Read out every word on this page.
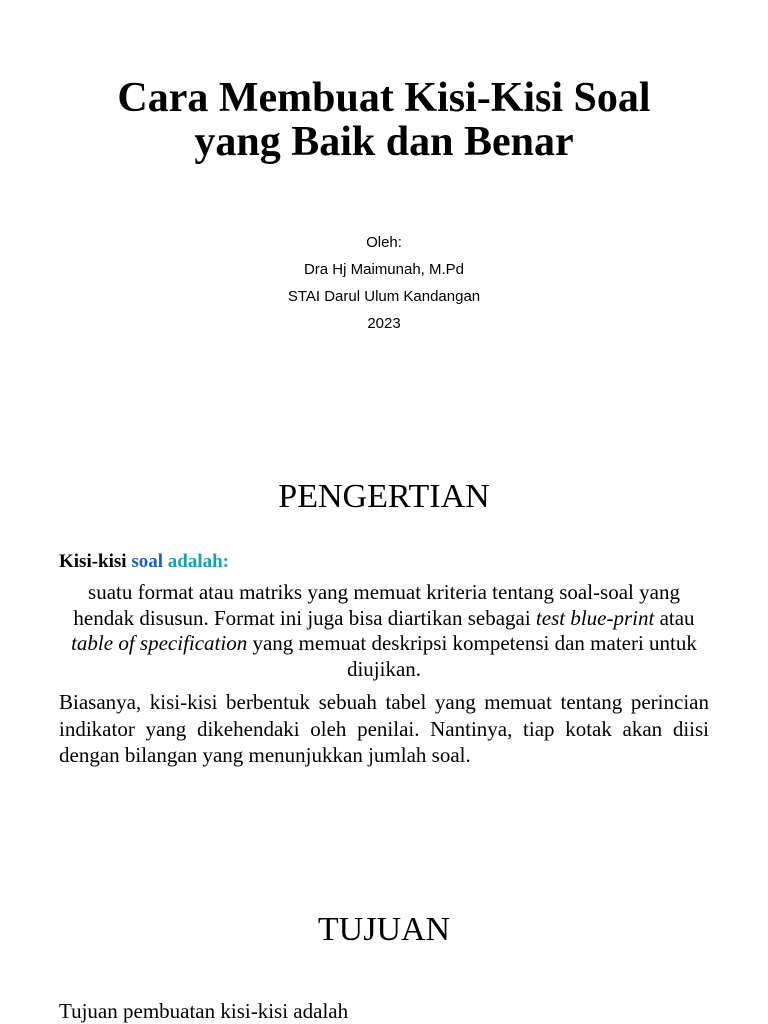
Cara Membuat Kisi-Kisi Soal
yang Baik dan Benar
Oleh:
Dra Hj Maimunah, M.Pd
STAI Darul Ulum Kandangan
2023
PENGERTIAN
Kisi-kisi soal adalah:
suatu format atau matriks yang memuat kriteria tentang soal-soal yang hendak disusun. Format ini juga bisa diartikan sebagai test blue-print atau table of specification yang memuat deskripsi kompetensi dan materi untuk diujikan.
Biasanya, kisi-kisi berbentuk sebuah tabel yang memuat tentang perincian indikator yang dikehendaki oleh penilai. Nantinya, tiap kotak akan diisi dengan bilangan yang menunjukkan jumlah soal.
TUJUAN
Tujuan pembuatan kisi-kisi adalah
